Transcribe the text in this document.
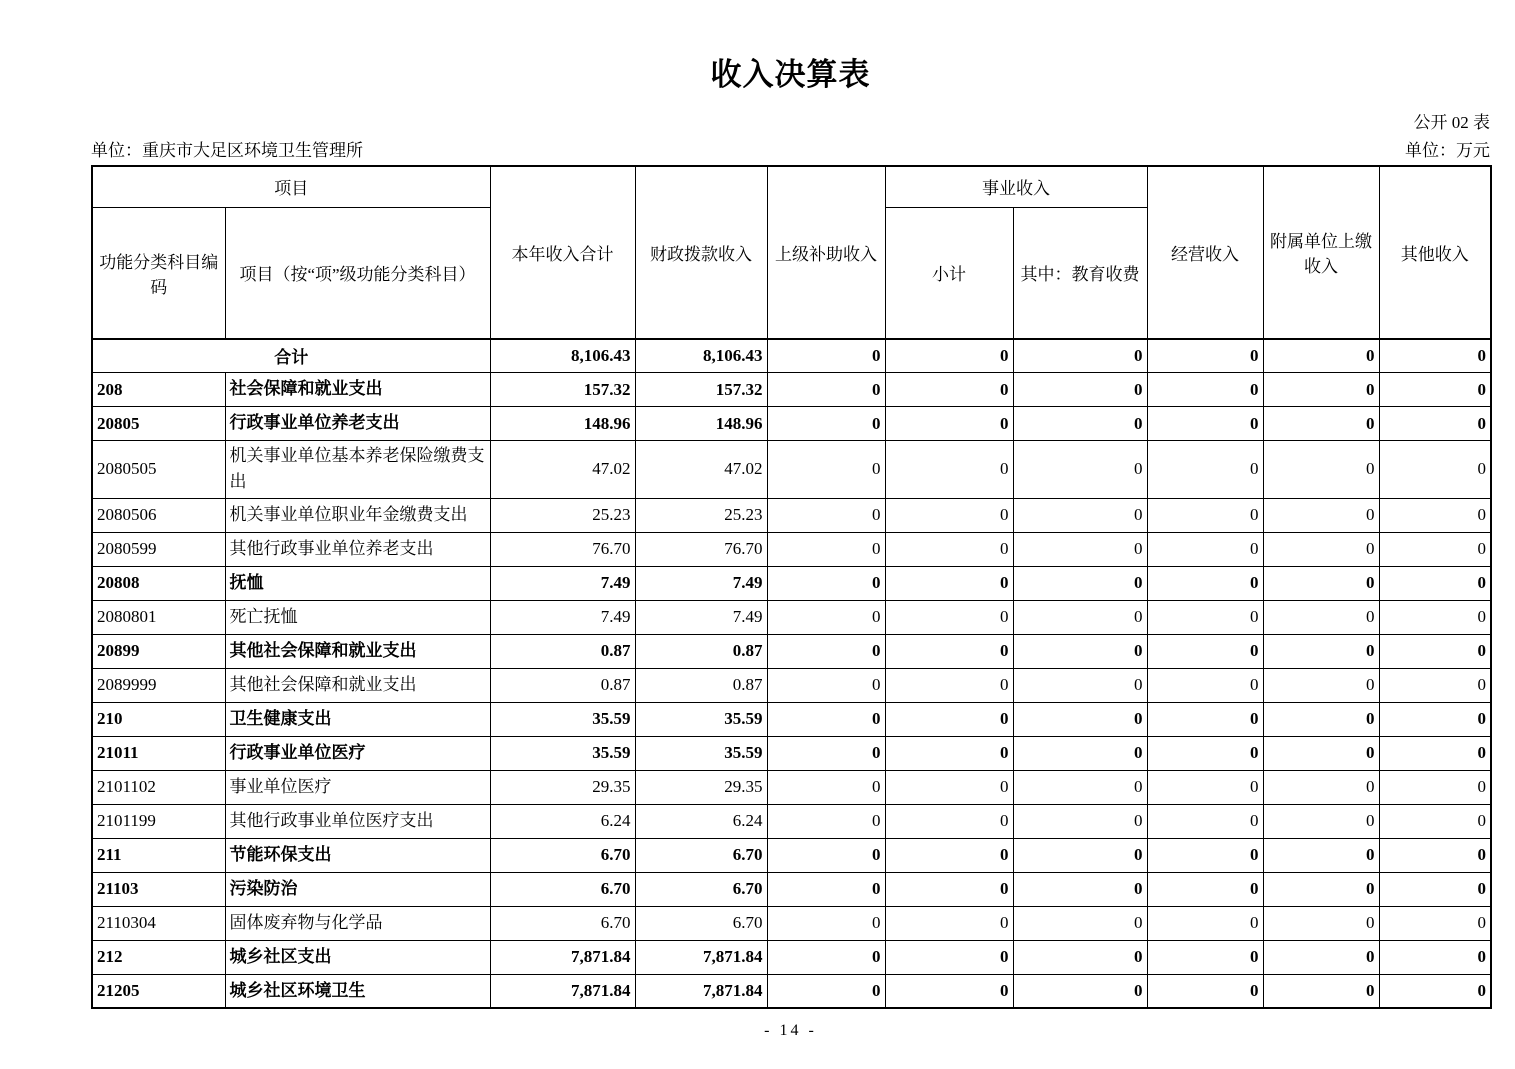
收入决算表
公开 02 表
单位：重庆市大足区环境卫生管理所	单位：万元
项目		本年收入合计	财政拨款收入	上级补助收入	事业收入		经营收入	附属单位上缴收入	其他收入
功能分类科目编码	项目（按“项”级功能分类科目）				小计	其中：教育收费			
合计		8,106.43	8,106.43	0	0	0	0	0	0
208	社会保障和就业支出	157.32	157.32	0	0	0	0	0	0
20805	行政事业单位养老支出	148.96	148.96	0	0	0	0	0	0
2080505	机关事业单位基本养老保险缴费支出	47.02	47.02	0	0	0	0	0	0
2080506	机关事业单位职业年金缴费支出	25.23	25.23	0	0	0	0	0	0
2080599	其他行政事业单位养老支出	76.70	76.70	0	0	0	0	0	0
20808	抚恤	7.49	7.49	0	0	0	0	0	0
2080801	死亡抚恤	7.49	7.49	0	0	0	0	0	0
20899	其他社会保障和就业支出	0.87	0.87	0	0	0	0	0	0
2089999	其他社会保障和就业支出	0.87	0.87	0	0	0	0	0	0
210	卫生健康支出	35.59	35.59	0	0	0	0	0	0
21011	行政事业单位医疗	35.59	35.59	0	0	0	0	0	0
2101102	事业单位医疗	29.35	29.35	0	0	0	0	0	0
2101199	其他行政事业单位医疗支出	6.24	6.24	0	0	0	0	0	0
211	节能环保支出	6.70	6.70	0	0	0	0	0	0
21103	污染防治	6.70	6.70	0	0	0	0	0	0
2110304	固体废弃物与化学品	6.70	6.70	0	0	0	0	0	0
212	城乡社区支出	7,871.84	7,871.84	0	0	0	0	0	0
21205	城乡社区环境卫生	7,871.84	7,871.84	0	0	0	0	0	0
- 14 -
